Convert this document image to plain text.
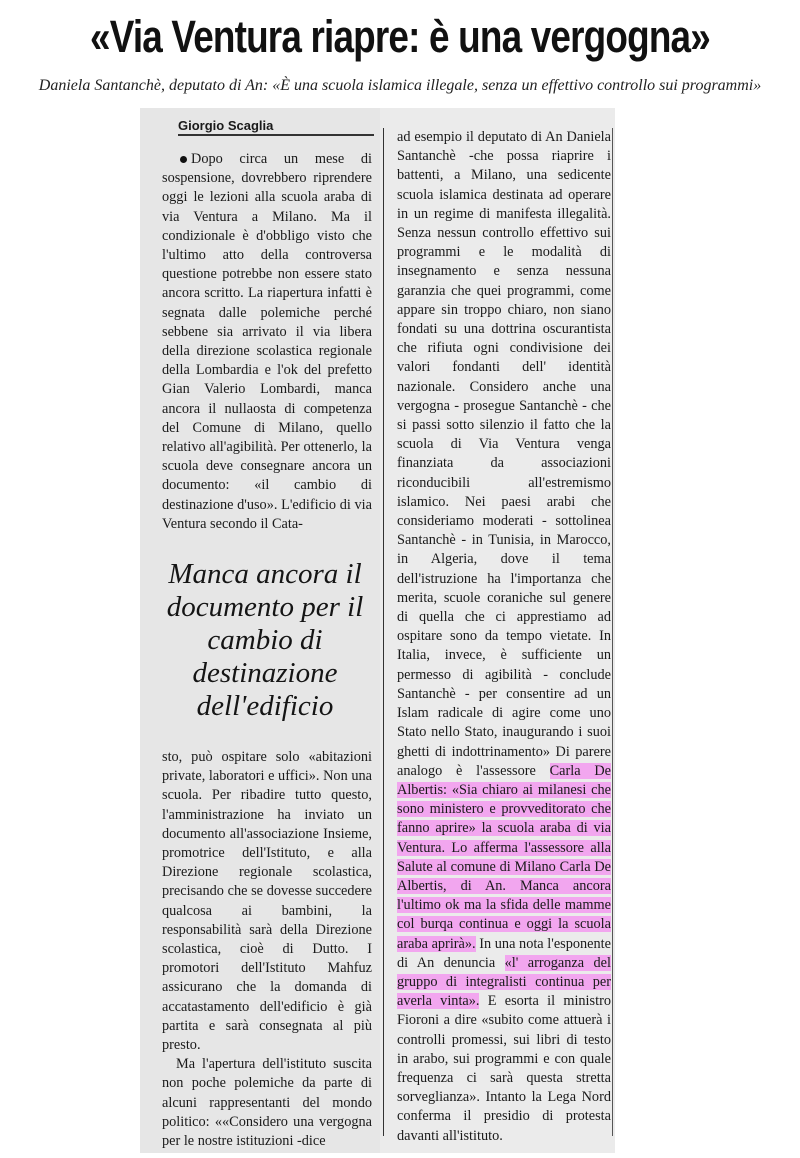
«Via Ventura riapre: è una vergogna»
Daniela Santanchè, deputato di An: «È una scuola islamica illegale, senza un effettivo controllo sui programmi»
Giorgio Scaglia

Dopo circa un mese di sospensione, dovrebbero riprendere oggi le lezioni alla scuola araba di via Ventura a Milano. Ma il condizionale è d'obbligo visto che l'ultimo atto della controversa questione potrebbe non essere stato ancora scritto. La riapertura infatti è segnata dalle polemiche perché sebbene sia arrivato il via libera della direzione scolastica regionale della Lombardia e l'ok del prefetto Gian Valerio Lombardi, manca ancora il nullaosta di competenza del Comune di Milano, quello relativo all'agibilità. Per ottenerlo, la scuola deve consegnare ancora un documento: «il cambio di destinazione d'uso». L'edificio di via Ventura secondo il Cata-

Manca ancora il documento per il cambio di destinazione dell'edificio

sto, può ospitare solo «abitazioni private, laboratori e uffici». Non una scuola. Per ribadire tutto questo, l'amministrazione ha inviato un documento all'associazione Insieme, promotrice dell'Istituto, e alla Direzione regionale scolastica, precisando che se dovesse succedere qualcosa ai bambini, la responsabilità sarà della Direzione scolastica, cioè di Dutto. I promotori dell'Istituto Mahfuz assicurano che la domanda di accatastamento dell'edificio è già partita e sarà consegnata al più presto.

Ma l'apertura dell'istituto suscita non poche polemiche da parte di alcuni rappresentanti del mondo politico: ««Considero una vergogna per le nostre istituzioni -dice

ad esempio il deputato di An Daniela Santanchè -che possa riaprire i battenti, a Milano, una sedicente scuola islamica destinata ad operare in un regime di manifesta illegalità. Senza nessun controllo effettivo sui programmi e le modalità di insegnamento e senza nessuna garanzia che quei programmi, come appare sin troppo chiaro, non siano fondati su una dottrina oscurantista che rifiuta ogni condivisione dei valori fondanti dell' identità nazionale. Considero anche una vergogna - prosegue Santanchè - che si passi sotto silenzio il fatto che la scuola di Via Ventura venga finanziata da associazioni riconducibili all'estremismo islamico. Nei paesi arabi che consideriamo moderati - sottolinea Santanchè - in Tunisia, in Marocco, in Algeria, dove il tema dell'istruzione ha l'importanza che merita, scuole coraniche sul genere di quella che ci apprestiamo ad ospitare sono da tempo vietate. In Italia, invece, è sufficiente un permesso di agibilità - conclude Santanchè - per consentire ad un Islam radicale di agire come uno Stato nello Stato, inaugurando i suoi ghetti di indottrinamento» Di parere analogo è l'assessore Carla De Albertis: «Sia chiaro ai milanesi che sono ministero e provveditorato che fanno aprire» la scuola araba di via Ventura. Lo afferma l'assessore alla Salute al comune di Milano Carla De Albertis, di An. Manca ancora l'ultimo ok ma la sfida delle mamme col burqa continua e oggi la scuola araba aprirà». In una nota l'esponente di An denuncia «l' arroganza del gruppo di integralisti continua per averla vinta». E esorta il ministro Fioroni a dire «subito come attuerà i controlli promessi, sui libri di testo in arabo, sui programmi e con quale frequenza ci sarà questa stretta sorveglianza». Intanto la Lega Nord conferma il presidio di protesta davanti all'istituto.
